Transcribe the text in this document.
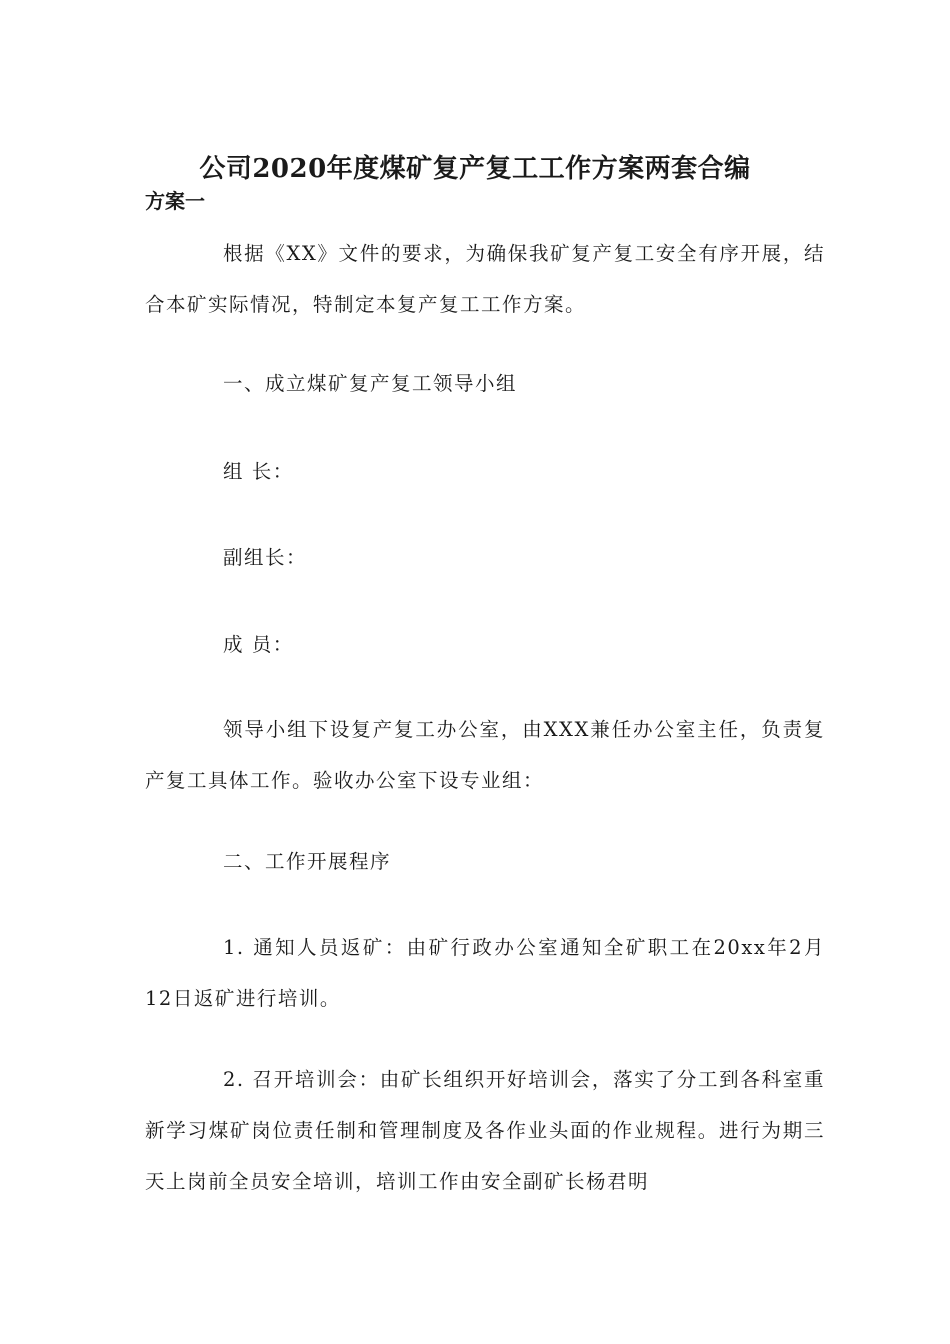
公司2020年度煤矿复产复工工作方案两套合编
方案一

根据《XX》文件的要求，为确保我矿复产复工安全有序开展，结合本矿实际情况，特制定本复产复工工作方案。

一、成立煤矿复产复工领导小组

组 长：

副组长：

成 员：

领导小组下设复产复工办公室，由XXX兼任办公室主任，负责复产复工具体工作。验收办公室下设专业组：

二、工作开展程序

1. 通知人员返矿：由矿行政办公室通知全矿职工在20xx年2月12日返矿进行培训。

2. 召开培训会：由矿长组织开好培训会，落实了分工到各科室重新学习煤矿岗位责任制和管理制度及各作业头面的作业规程。进行为期三天上岗前全员安全培训，培训工作由安全副矿长杨君明
